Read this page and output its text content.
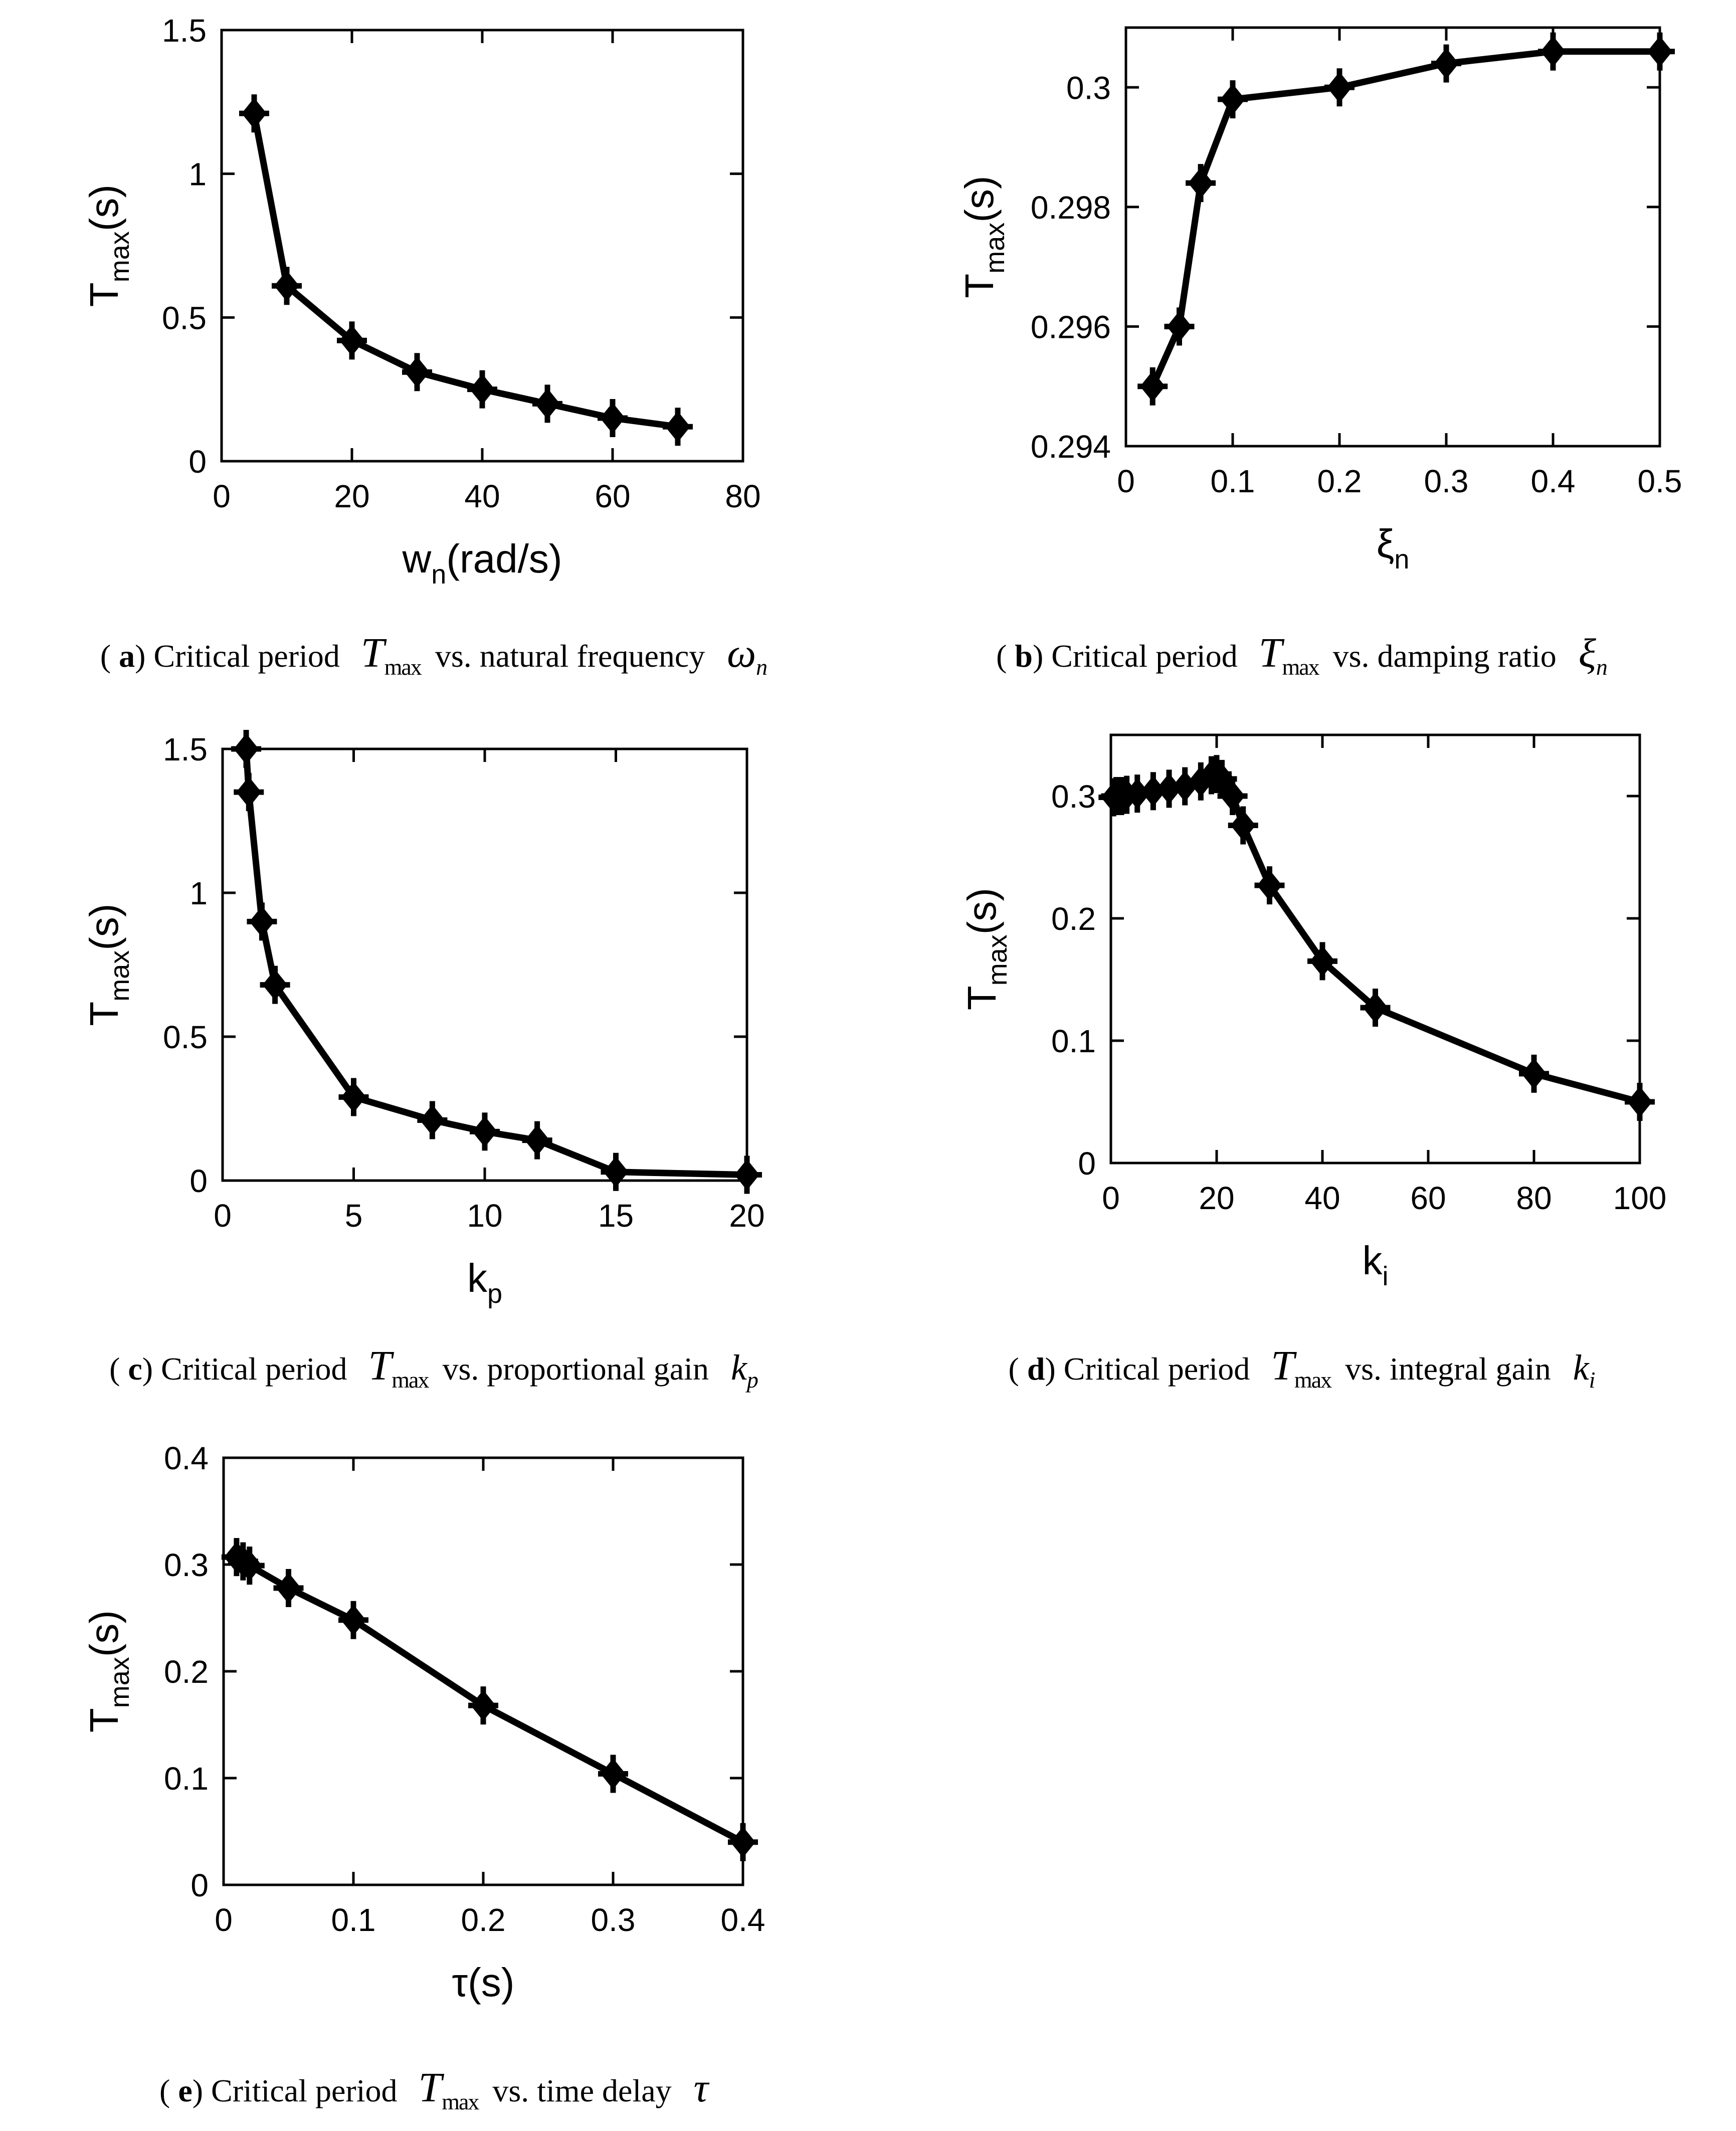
0	20	40	60	80
0
0.5
1
1.5
Tmax(s)
wn(rad/s)
0 0.1 0.2 0.3 0.4 0.5
0.294
0.296
0.298
0.3
Tmax(s)
ξn
0	5	10	15	20
0
0.5
1
1.5
Tmax(s)
kp
0 20 40 60 80 100
0
0.1
0.2
0.3
Tmax(s)
ki
0	0.1	0.2	0.3	0.4
0
0.1
0.2
0.3
0.4
Tmax(s)
τ(s)
( a) Critical period $T_{max}$ vs. natural frequency $\omega_n$	( b) Critical period $T_{max}$ vs. damping ratio $\xi_n$
( c) Critical period $T_{max}$ vs. proportional gain $k_p$	( d) Critical period $T_{max}$ vs. integral gain $k_i$
( e) Critical period $T_{max}$ vs. time delay τ
